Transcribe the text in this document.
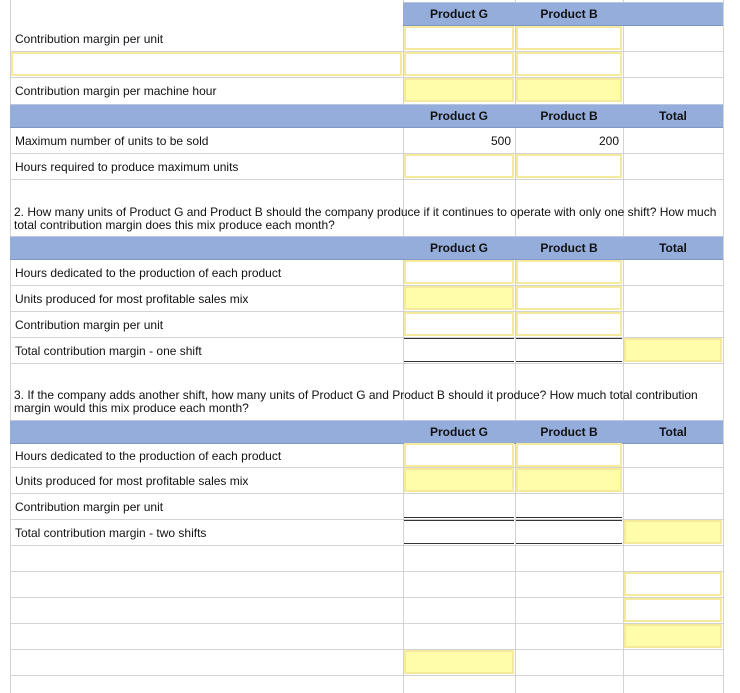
Product G	Product B
Contribution margin per unit
Contribution margin per machine hour
Product G	Product B	Total
Maximum number of units to be sold	500	200
Hours required to produce maximum units
2. How many units of Product G and Product B should the company produce if it continues to operate with only one shift? How much total contribution margin does this mix produce each month?
Product G	Product B	Total
Hours dedicated to the production of each product
Units produced for most profitable sales mix
Contribution margin per unit
Total contribution margin - one shift
3. If the company adds another shift, how many units of Product G and Product B should it produce? How much total contribution margin would this mix produce each month?
Product G	Product B	Total
Hours dedicated to the production of each product
Units produced for most profitable sales mix
Contribution margin per unit
Total contribution margin - two shifts
